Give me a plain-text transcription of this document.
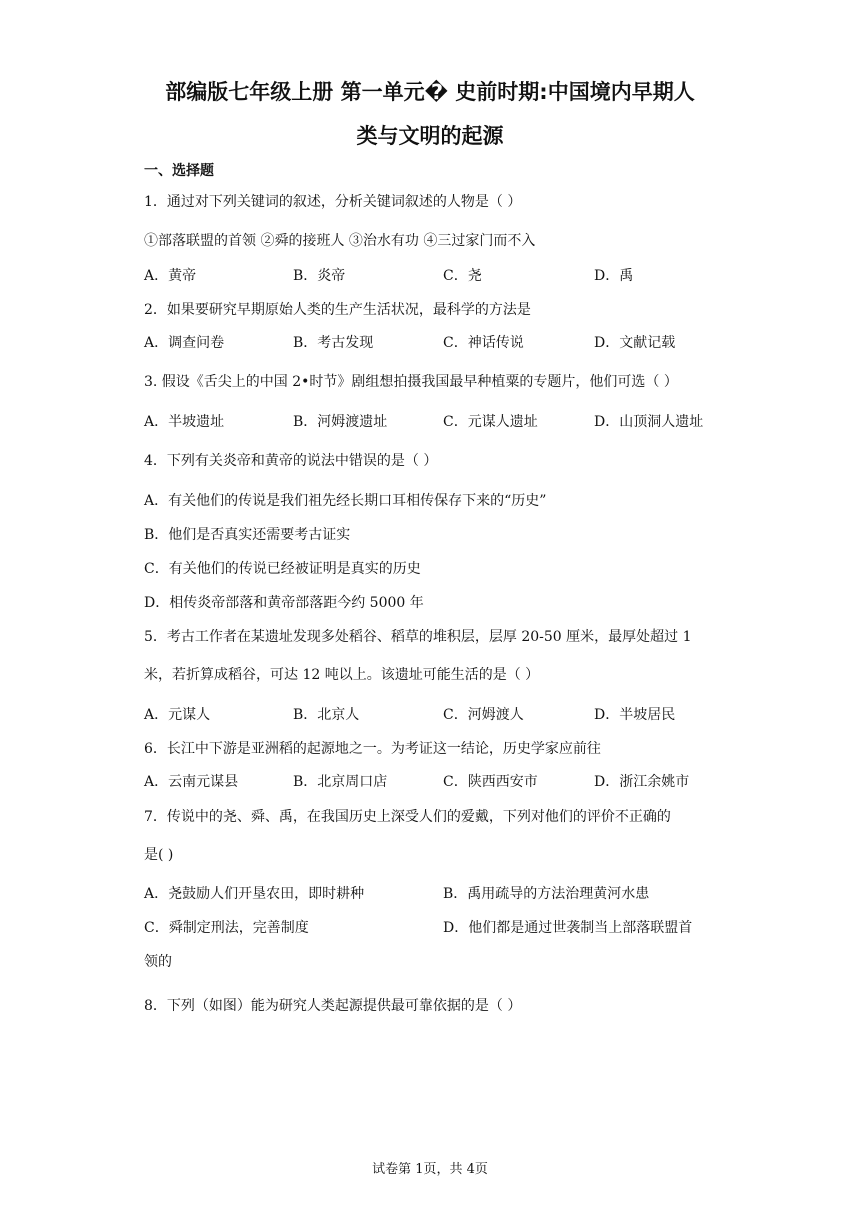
部编版七年级上册 第一单元� 史前时期:中国境内早期人
类与文明的起源
一、选择题
1．通过对下列关键词的叙述，分析关键词叙述的人物是（ ）
①部落联盟的首领 ②舜的接班人 ③治水有功 ④三过家门而不入
A．黄帝	B．炎帝	C．尧	D．禹
2．如果要研究早期原始人类的生产生活状况，最科学的方法是
A．调查问卷	B．考古发现	C．神话传说	D．文献记载
3. 假设《舌尖上的中国 2•时节》剧组想拍摄我国最早种植粟的专题片，他们可选（ ）
A．半坡遗址	B．河姆渡遗址	C．元谋人遗址	D．山顶洞人遗址
4．下列有关炎帝和黄帝的说法中错误的是（ ）
A．有关他们的传说是我们祖先经长期口耳相传保存下来的“历史”
B．他们是否真实还需要考古证实
C．有关他们的传说已经被证明是真实的历史
D．相传炎帝部落和黄帝部落距今约 5000 年
5．考古工作者在某遗址发现多处稻谷、稻草的堆积层，层厚 20-50 厘米，最厚处超过 1
米，若折算成稻谷，可达 12 吨以上。该遗址可能生活的是（ ）
A．元谋人	B．北京人	C．河姆渡人	D．半坡居民
6．长江中下游是亚洲稻的起源地之一。为考证这一结论，历史学家应前往
A．云南元谋县	B．北京周口店	C．陕西西安市	D．浙江余姚市
7．传说中的尧、舜、禹，在我国历史上深受人们的爱戴，下列对他们的评价不正确的
是( )
A．尧鼓励人们开垦农田，即时耕种	B．禹用疏导的方法治理黄河水患
C．舜制定刑法，完善制度	D．他们都是通过世袭制当上部落联盟首
领的
8．下列（如图）能为研究人类起源提供最可靠依据的是（ ）
试卷第 1页，共 4页
